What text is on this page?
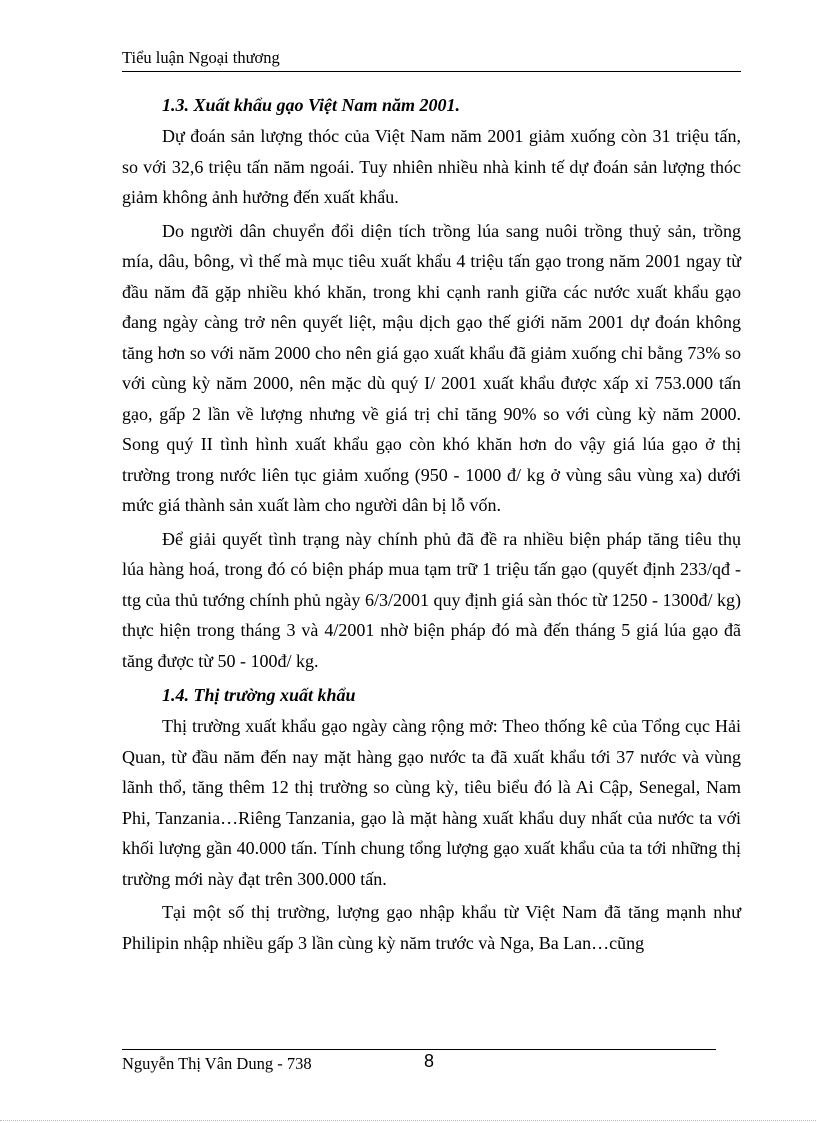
Tiểu luận Ngoại thương
1.3. Xuất khẩu gạo Việt Nam năm 2001.

Dự đoán sản lượng thóc của Việt Nam năm 2001 giảm xuống còn 31 triệu tấn, so với 32,6 triệu tấn năm ngoái. Tuy nhiên nhiều nhà kinh tế dự đoán sản lượng thóc giảm không ảnh hưởng đến xuất khẩu.

Do người dân chuyển đổi diện tích trồng lúa sang nuôi trồng thuỷ sản, trồng mía, dâu, bông, vì thế mà mục tiêu xuất khẩu 4 triệu tấn gạo trong năm 2001 ngay từ đầu năm đã gặp nhiều khó khăn, trong khi cạnh ranh giữa các nước xuất khẩu gạo đang ngày càng trở nên quyết liệt, mậu dịch gạo thế giới năm 2001 dự đoán không tăng hơn so với năm 2000 cho nên giá gạo xuất khẩu đã giảm xuống chỉ bằng 73% so với cùng kỳ năm 2000, nên mặc dù quý I/ 2001 xuất khẩu được xấp xỉ 753.000 tấn gạo, gấp 2 lần về lượng nhưng về giá trị chỉ tăng 90% so với cùng kỳ năm 2000. Song quý II tình hình xuất khẩu gạo còn khó khăn hơn do vậy giá lúa gạo ở thị trường trong nước liên tục giảm xuống (950 - 1000 đ/ kg ở vùng sâu vùng xa) dưới mức giá thành sản xuất làm cho người dân bị lỗ vốn.

Để giải quyết tình trạng này chính phủ đã đề ra nhiều biện pháp tăng tiêu thụ lúa hàng hoá, trong đó có biện pháp mua tạm trữ 1 triệu tấn gạo (quyết định 233/qđ - ttg của thủ tướng chính phủ ngày 6/3/2001 quy định giá sàn thóc từ 1250 - 1300đ/ kg) thực hiện trong tháng 3 và 4/2001 nhờ biện pháp đó mà đến tháng 5 giá lúa gạo đã tăng được từ 50 - 100đ/ kg.

1.4. Thị trường xuất khẩu

Thị trường xuất khẩu gạo ngày càng rộng mở: Theo thống kê của Tổng cục Hải Quan, từ đầu năm đến nay mặt hàng gạo nước ta đã xuất khẩu tới 37 nước và vùng lãnh thổ, tăng thêm 12 thị trường so cùng kỳ, tiêu biểu đó là Ai Cập, Senegal, Nam Phi, Tanzania…Riêng Tanzania, gạo là mặt hàng xuất khẩu duy nhất của nước ta với khối lượng gần 40.000 tấn. Tính chung tổng lượng gạo xuất khẩu của ta tới những thị trường mới này đạt trên 300.000 tấn.

Tại một số thị trường, lượng gạo nhập khẩu từ Việt Nam đã tăng mạnh như Philipin nhập nhiều gấp 3 lần cùng kỳ năm trước và Nga, Ba Lan…cũng

Nguyễn Thị Vân Dung - 738	8
